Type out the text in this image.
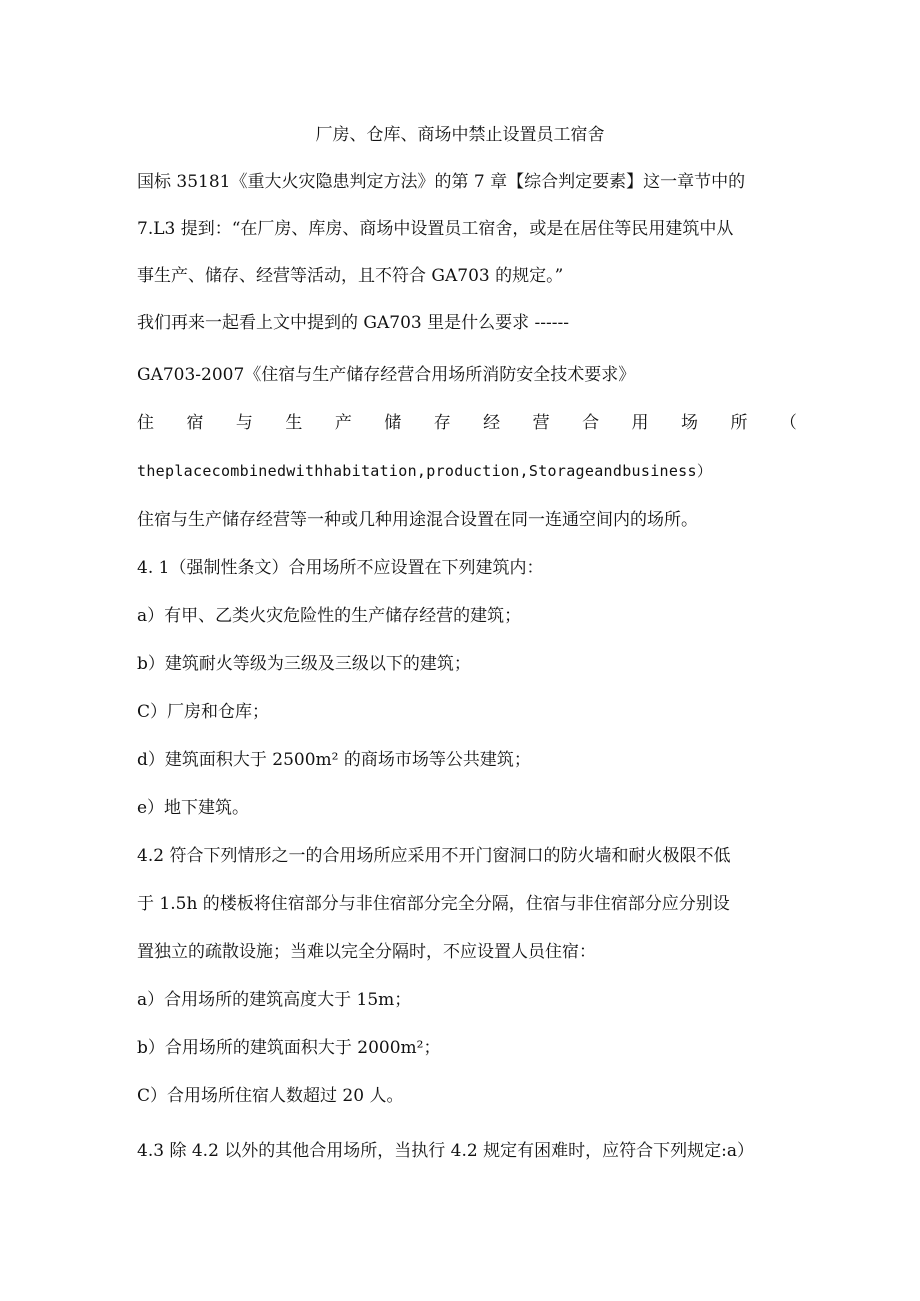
厂房、仓库、商场中禁止设置员工宿舍
国标 35181《重大火灾隐患判定方法》的第 7 章【综合判定要素】这一章节中的
7.L3 提到：“在厂房、库房、商场中设置员工宿舍，或是在居住等民用建筑中从
事生产、储存、经营等活动，且不符合 GA703 的规定。”
我们再来一起看上文中提到的 GA703 里是什么要求 ------
GA703-2007《住宿与生产储存经营合用场所消防安全技术要求》
住 宿 与 生 产 储 存 经 营 合 用 场 所 （
theplacecombinedwithhabitation,production,Storageandbusiness）
住宿与生产储存经营等一种或几种用途混合设置在同一连通空间内的场所。
4. 1（强制性条文）合用场所不应设置在下列建筑内：
a）有甲、乙类火灾危险性的生产储存经营的建筑；
b）建筑耐火等级为三级及三级以下的建筑；
C）厂房和仓库；
d）建筑面积大于 2500m² 的商场市场等公共建筑；
e）地下建筑。
4.2 符合下列情形之一的合用场所应采用不开门窗洞口的防火墙和耐火极限不低
于 1.5h 的楼板将住宿部分与非住宿部分完全分隔，住宿与非住宿部分应分别设
置独立的疏散设施；当难以完全分隔时，不应设置人员住宿：
a）合用场所的建筑高度大于 15m；
b）合用场所的建筑面积大于 2000m²；
C）合用场所住宿人数超过 20 人。
4.3 除 4.2 以外的其他合用场所，当执行 4.2 规定有困难时，应符合下列规定:a）
